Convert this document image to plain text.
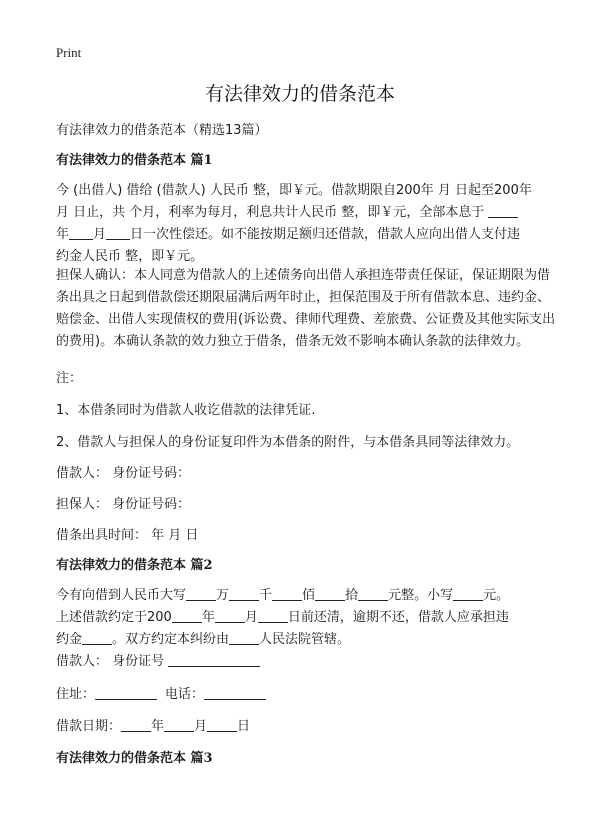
Print
有法律效力的借条范本

有法律效力的借条范本（精选13篇）

有法律效力的借条范本 篇1

今 (出借人) 借给 (借款人) 人民币 整，即￥元。借款期限自200年 月 日起至200年
月 日止，共 个月，利率为每月，利息共计人民币 整，即￥元，全部本息于
年 月 日一次性偿还。如不能按期足额归还借款，借款人应向出借人支付违
约金人民币 整，即￥元。

担保人确认：本人同意为借款人的上述债务向出借人承担连带责任保证，保证期限为借条出具之日起到借款偿还期限届满后两年时止，担保范围及于所有借款本息、违约金、赔偿金、出借人实现债权的费用(诉讼费、律师代理费、差旅费、公证费及其他实际支出的费用)。本确认条款的效力独立于借条，借条无效不影响本确认条款的法律效力。

注：

1、本借条同时为借款人收讫借款的法律凭证.

2、借款人与担保人的身份证复印件为本借条的附件，与本借条具同等法律效力。

借款人： 身份证号码：

担保人： 身份证号码：

借条出具时间： 年 月 日

有法律效力的借条范本 篇2

今有向借到人民币大写 万 千 佰 拾 元整。小写 元。
上述借款约定于200 年 月 日前还清，逾期不还，借款人应承担违
约金 。双方约定本纠纷由 人民法院管辖。
借款人： 身份证号
住址：	电话：
借款日期： 年 月 日

有法律效力的借条范本 篇3
